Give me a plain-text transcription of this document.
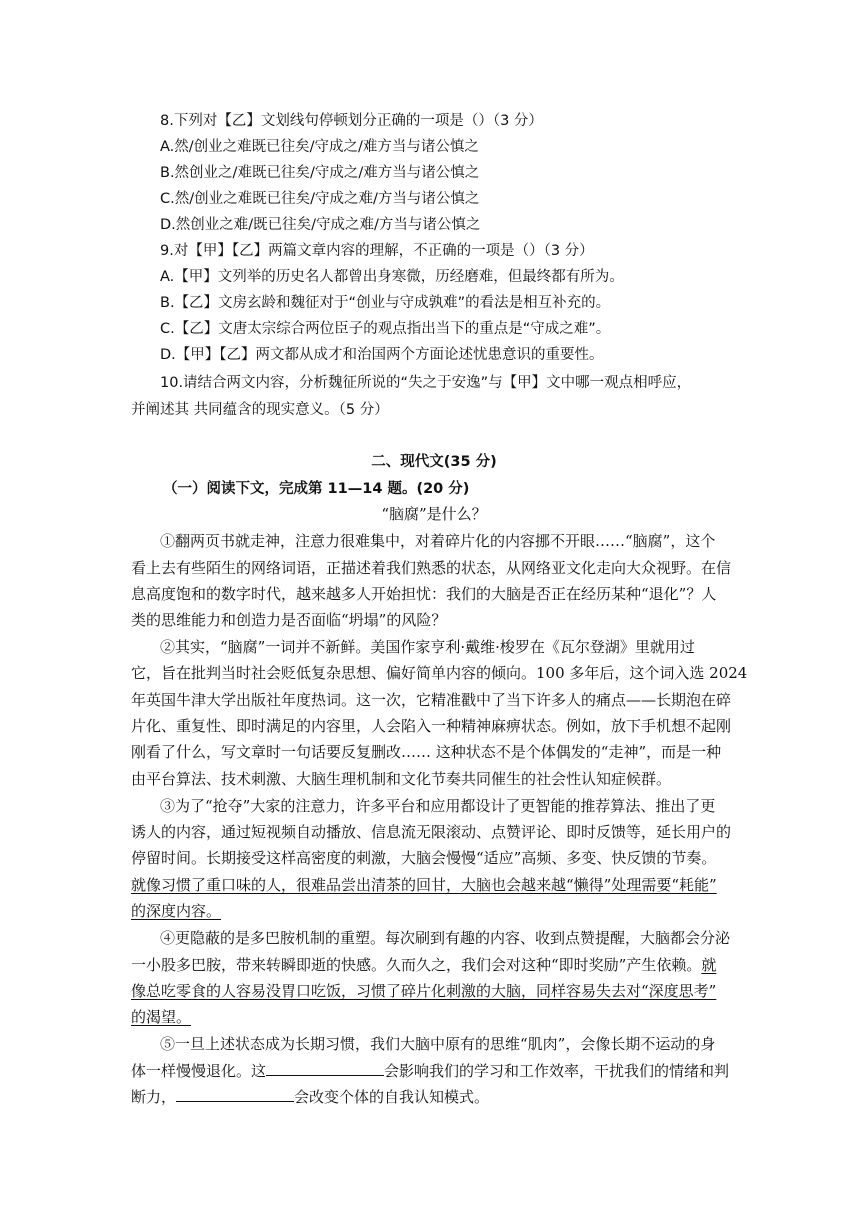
8.下列对【乙】文划线句停顿划分正确的一项是（）（3 分）
A.然/创业之难既已往矣/守成之/难方当与诸公慎之
B.然创业之/难既已往矣/守成之/难方当与诸公慎之
C.然/创业之难既已往矣/守成之难/方当与诸公慎之
D.然创业之难/既已往矣/守成之难/方当与诸公慎之
9.对【甲】【乙】两篇文章内容的理解，不正确的一项是（）（3 分）
A.【甲】文列举的历史名人都曾出身寒微，历经磨难，但最终都有所为。
B.【乙】文房玄龄和魏征对于“创业与守成孰难”的看法是相互补充的。
C.【乙】文唐太宗综合两位臣子的观点指出当下的重点是“守成之难”。
D.【甲】【乙】两文都从成才和治国两个方面论述忧患意识的重要性。
10.请结合两文内容，分析魏征所说的“失之于安逸”与【甲】文中哪一观点相呼应，
并阐述其 共同蕴含的现实意义。（5 分）
二、现代文(35 分)
（一）阅读下文，完成第 11—14 题。(20 分)
“脑腐”是什么？
①翻两页书就走神，注意力很难集中，对着碎片化的内容挪不开眼……“脑腐”，这个
看上去有些陌生的网络词语，正描述着我们熟悉的状态，从网络亚文化走向大众视野。在信
息高度饱和的数字时代，越来越多人开始担忧：我们的大脑是否正在经历某种“退化”？人
类的思维能力和创造力是否面临“坍塌”的风险？
②其实，“脑腐”一词并不新鲜。美国作家亨利·戴维·梭罗在《瓦尔登湖》里就用过
它，旨在批判当时社会贬低复杂思想、偏好简单内容的倾向。100 多年后，这个词入选 2024
年英国牛津大学出版社年度热词。这一次，它精准戳中了当下许多人的痛点——长期泡在碎
片化、重复性、即时满足的内容里，人会陷入一种精神麻痹状态。例如，放下手机想不起刚
刚看了什么，写文章时一句话要反复删改…… 这种状态不是个体偶发的“走神”，而是一种
由平台算法、技术刺激、大脑生理机制和文化节奏共同催生的社会性认知症候群。
③为了“抢夺”大家的注意力，许多平台和应用都设计了更智能的推荐算法、推出了更
诱人的内容，通过短视频自动播放、信息流无限滚动、点赞评论、即时反馈等，延长用户的
停留时间。长期接受这样高密度的刺激，大脑会慢慢“适应”高频、多变、快反馈的节奏。
就像习惯了重口味的人，很难品尝出清茶的回甘，大脑也会越来越“懒得”处理需要“耗能”
的深度内容。
④更隐蔽的是多巴胺机制的重塑。每次刷到有趣的内容、收到点赞提醒，大脑都会分泌
一小股多巴胺，带来转瞬即逝的快感。久而久之，我们会对这种“即时奖励”产生依赖。就
像总吃零食的人容易没胃口吃饭，习惯了碎片化刺激的大脑，同样容易失去对“深度思考”
的渴望。
⑤一旦上述状态成为长期习惯，我们大脑中原有的思维“肌肉”，会像长期不运动的身
体一样慢慢退化。这	会影响我们的学习和工作效率，干扰我们的情绪和判
断力，	会改变个体的自我认知模式。
